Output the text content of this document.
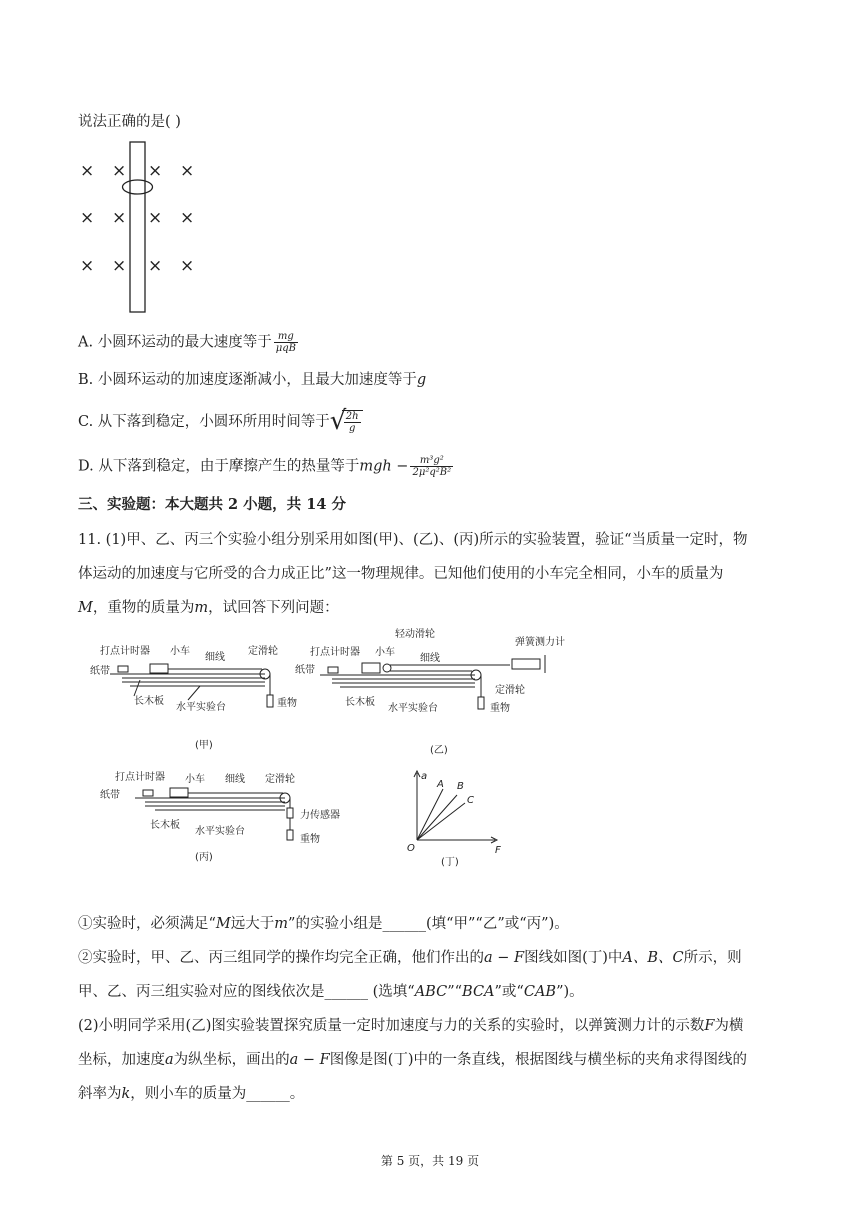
说法正确的是( )
× × × ×
× × × ×
× × × ×
A. 小圆环运动的最大速度等于 $\frac{mg}{\text{μqB}}$
B. 小圆环运动的加速度逐渐减小，且最大加速度等于g
C. 从下落到稳定，小圆环所用时间等于 √
$\frac{2h}{g}$
D. 从下落到稳定，由于摩擦产生的热量等于mgh − $\frac{\text{m³g²}}{\text{2μ²q²B²}}$
三、实验题：本大题共 2 小题，共 14 分
11. (1)甲、乙、丙三个实验小组分别采用如图(甲)、(乙)、(丙)所示的实验装置，验证“当质量一定时，物
体运动的加速度与它所受的合力成正比”这一物理规律。已知他们使用的小车完全相同，小车的质量为
M，重物的质量为m，试回答下列问题：
打点计时器 小车
细线
定滑轮
纸带
长木板
水平实验台	重物
(甲)
轻动滑轮
打点计时器 小车
细线
弹簧测力计
纸带
长木板
水平实验台
定滑轮
重物
(乙)
打点计时器 小车 细线 定滑轮
纸带
长木板
水平实验台
力传感器
重物
(丙)
a
F
O
A B
C
(丁)
①实验时，必须满足“M远大于m”的实验小组是______(填“甲”“乙”或“丙”)。
②实验时，甲、乙、丙三组同学的操作均完全正确，他们作出的a − F图线如图(丁)中A、B、C所示，则
甲、乙、丙三组实验对应的图线依次是______ (选填“ABC”“BCA”或“CAB”)。
(2)小明同学采用(乙)图实验装置探究质量一定时加速度与力的关系的实验时，以弹簧测力计的示数F为横
坐标，加速度a为纵坐标，画出的a − F图像是图(丁)中的一条直线，根据图线与横坐标的夹角求得图线的
斜率为k，则小车的质量为______。
第 5 页，共 19 页
